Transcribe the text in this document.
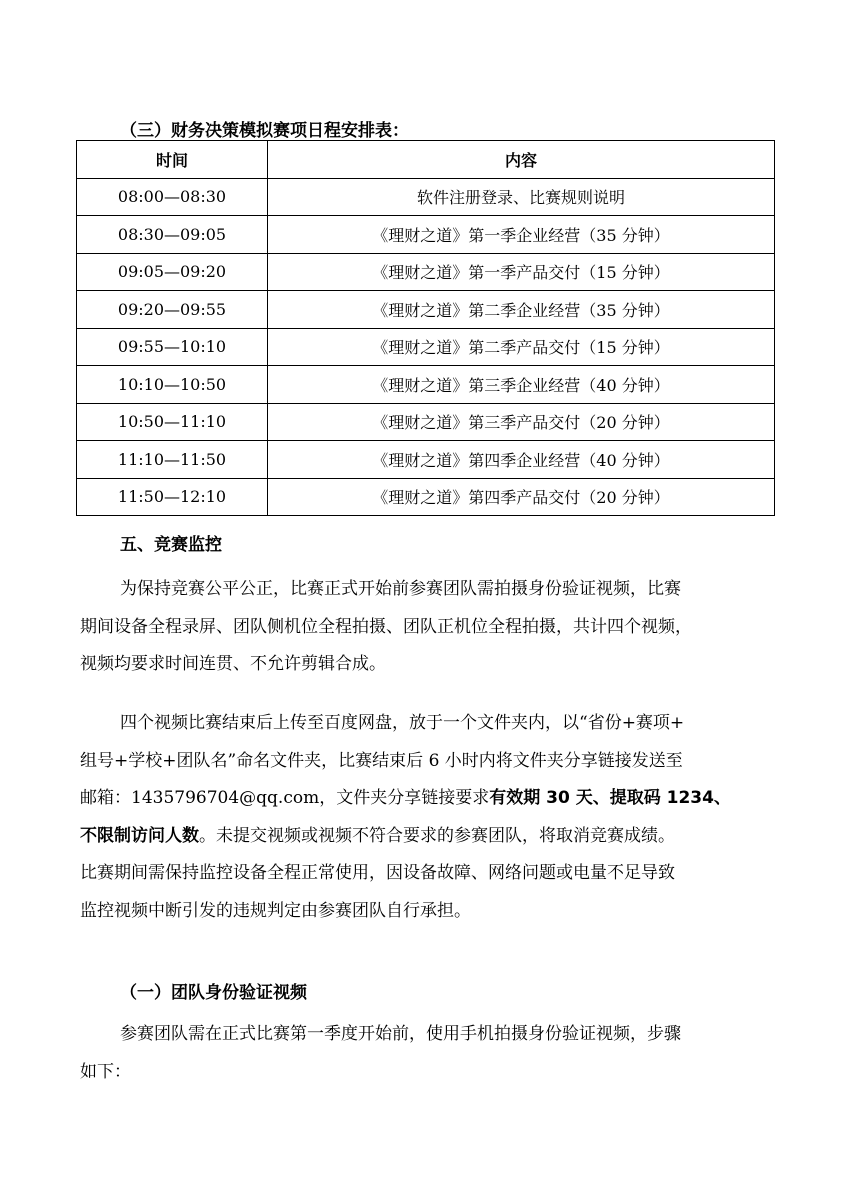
（三）财务决策模拟赛项日程安排表：
时间	内容
08:00—08:30	软件注册登录、比赛规则说明
08:30—09:05	《理财之道》第一季企业经营（35 分钟）
09:05—09:20	《理财之道》第一季产品交付（15 分钟）
09:20—09:55	《理财之道》第二季企业经营（35 分钟）
09:55—10:10	《理财之道》第二季产品交付（15 分钟）
10:10—10:50	《理财之道》第三季企业经营（40 分钟）
10:50—11:10	《理财之道》第三季产品交付（20 分钟）
11:10—11:50	《理财之道》第四季企业经营（40 分钟）
11:50—12:10	《理财之道》第四季产品交付（20 分钟）
五、竞赛监控
为保持竞赛公平公正，比赛正式开始前参赛团队需拍摄身份验证视频，比赛
期间设备全程录屏、团队侧机位全程拍摄、团队正机位全程拍摄，共计四个视频，
视频均要求时间连贯、不允许剪辑合成。
四个视频比赛结束后上传至百度网盘，放于一个文件夹内，以“省份+赛项+
组号+学校+团队名”命名文件夹，比赛结束后 6 小时内将文件夹分享链接发送至
邮箱：1435796704@qq.com，文件夹分享链接要求有效期 30 天、提取码 1234、
不限制访问人数。未提交视频或视频不符合要求的参赛团队，将取消竞赛成绩。
比赛期间需保持监控设备全程正常使用，因设备故障、网络问题或电量不足导致
监控视频中断引发的违规判定由参赛团队自行承担。
（一）团队身份验证视频
参赛团队需在正式比赛第一季度开始前，使用手机拍摄身份验证视频，步骤
如下：
